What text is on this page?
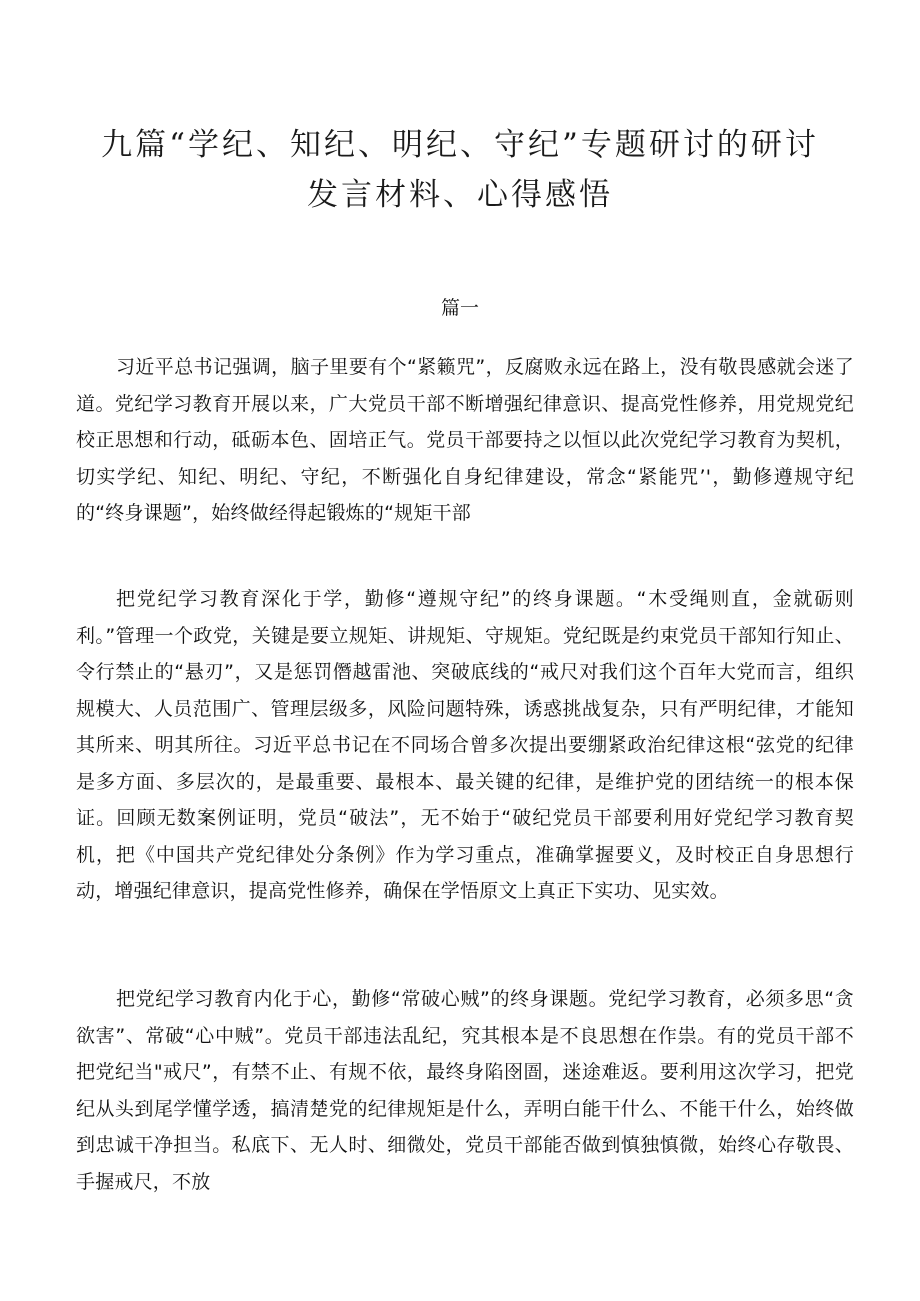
九篇“学纪、知纪、明纪、守纪”专题研讨的研讨
发言材料、心得感悟
篇一

习近平总书记强调，脑子里要有个“紧籁咒”，反腐败永远在路上，没有敬畏感就会迷了道。党纪学习教育开展以来，广大党员干部不断增强纪律意识、提高党性修养，用党规党纪校正思想和行动，砥砺本色、固培正气。党员干部要持之以恒以此次党纪学习教育为契机，切实学纪、知纪、明纪、守纪，不断强化自身纪律建设，常念“紧能咒’'，勤修遵规守纪的“终身课题”，始终做经得起锻炼的“规矩干部

把党纪学习教育深化于学，勤修“遵规守纪”的终身课题。“木受绳则直，金就砺则利。”管理一个政党，关键是要立规矩、讲规矩、守规矩。党纪既是约束党员干部知行知止、令行禁止的“悬刃”，又是惩罚僭越雷池、突破底线的“戒尺对我们这个百年大党而言，组织规模大、人员范围广、管理层级多，风险问题特殊，诱惑挑战复杂，只有严明纪律，才能知其所来、明其所往。习近平总书记在不同场合曾多次提出要绷紧政治纪律这根“弦党的纪律是多方面、多层次的，是最重要、最根本、最关键的纪律，是维护党的团结统一的根本保证。回顾无数案例证明，党员“破法”，无不始于“破纪党员干部要利用好党纪学习教育契机，把《中国共产党纪律处分条例》作为学习重点，准确掌握要义，及时校正自身思想行动，增强纪律意识，提高党性修养，确保在学悟原文上真正下实功、见实效。

把党纪学习教育内化于心，勤修“常破心贼”的终身课题。党纪学习教育，必须多思“贪欲害”、常破“心中贼”。党员干部违法乱纪，究其根本是不良思想在作祟。有的党员干部不把党纪当"戒尺”，有禁不止、有规不依，最终身陷囹圄，迷途难返。要利用这次学习，把党纪从头到尾学懂学透，搞清楚党的纪律规矩是什么，弄明白能干什么、不能干什么，始终做到忠诚干净担当。私底下、无人时、细微处，党员干部能否做到慎独慎微，始终心存敬畏、手握戒尺，不放
